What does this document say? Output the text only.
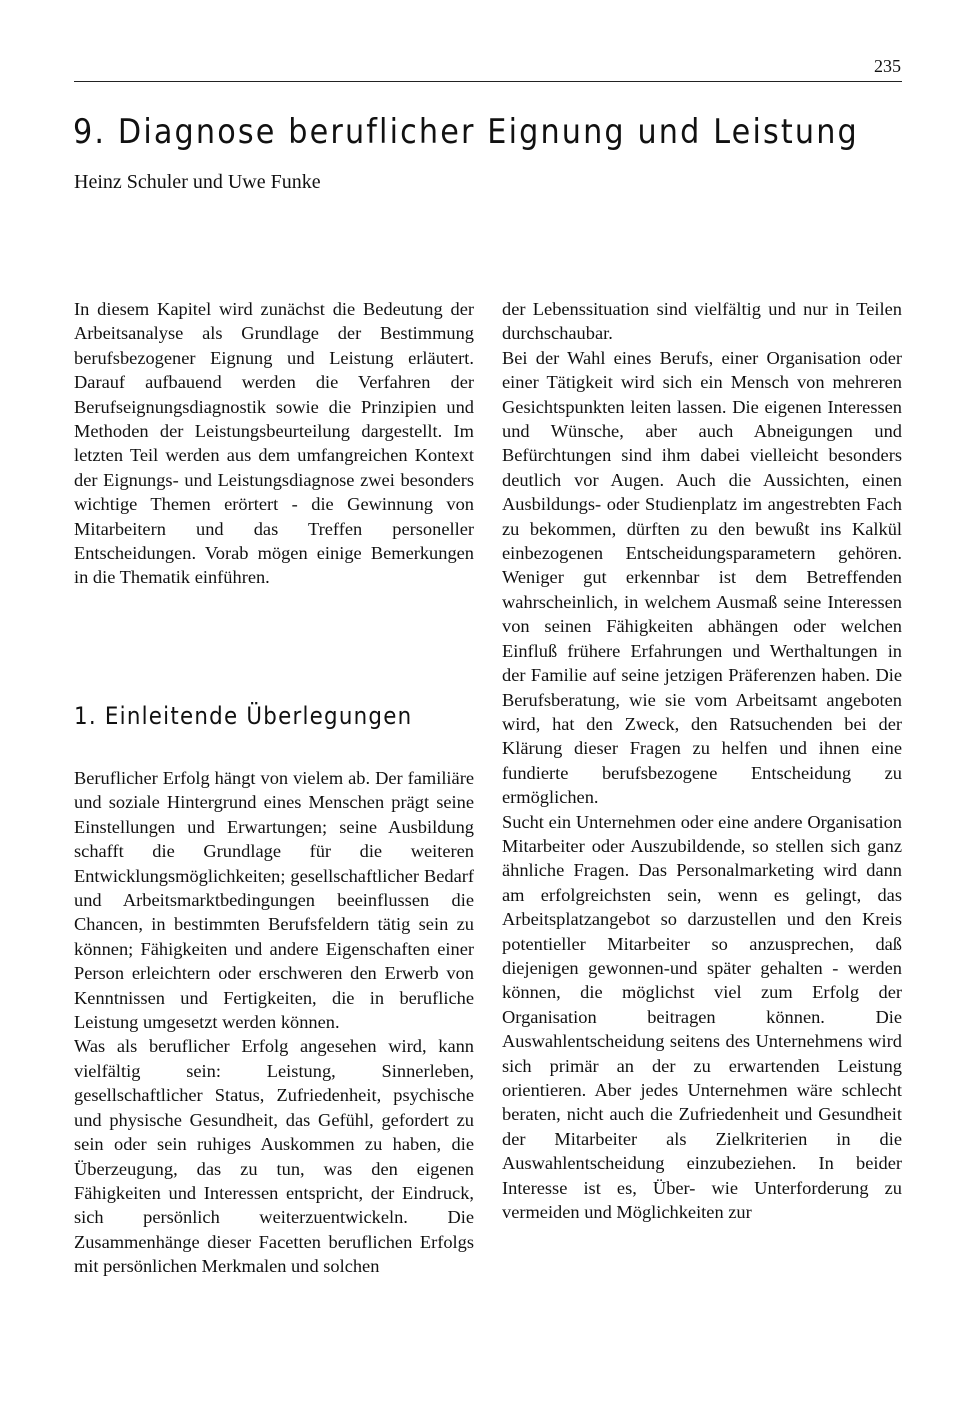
235
9. Diagnose beruflicher Eignung und Leistung
Heinz Schuler und Uwe Funke

In diesem Kapitel wird zunächst die Bedeutung der Arbeitsanalyse als Grundlage der Bestimmung berufsbezogener Eignung und Leistung erläutert. Darauf aufbauend werden die Verfahren der Berufseignungsdiagnostik sowie die Prinzipien und Methoden der Leistungsbeurteilung dargestellt. Im letzten Teil werden aus dem umfangreichen Kontext der Eignungs- und Leistungsdiagnose zwei besonders wichtige Themen erörtert - die Gewinnung von Mitarbeitern und das Treffen personeller Entscheidungen. Vorab mögen einige Bemerkungen in die Thematik einführen.

1. Einleitende Überlegungen

Beruflicher Erfolg hängt von vielem ab. Der familiäre und soziale Hintergrund eines Menschen prägt seine Einstellungen und Erwartungen; seine Ausbildung schafft die Grundlage für die weiteren Entwicklungsmöglichkeiten; gesellschaftlicher Bedarf und Arbeitsmarktbedingungen beeinflussen die Chancen, in bestimmten Berufsfeldern tätig sein zu können; Fähigkeiten und andere Eigenschaften einer Person erleichtern oder erschweren den Erwerb von Kenntnissen und Fertigkeiten, die in berufliche Leistung umgesetzt werden können.

Was als beruflicher Erfolg angesehen wird, kann vielfältig sein: Leistung, Sinnerleben, gesellschaftlicher Status, Zufriedenheit, psychische und physische Gesundheit, das Gefühl, gefordert zu sein oder sein ruhiges Auskommen zu haben, die Überzeugung, das zu tun, was den eigenen Fähigkeiten und Interessen entspricht, der Eindruck, sich persönlich weiterzuentwickeln. Die Zusammenhänge dieser Facetten beruflichen Erfolgs mit persönlichen Merkmalen und solchen

der Lebenssituation sind vielfältig und nur in Teilen durchschaubar.

Bei der Wahl eines Berufs, einer Organisation oder einer Tätigkeit wird sich ein Mensch von mehreren Gesichtspunkten leiten lassen. Die eigenen Interessen und Wünsche, aber auch Abneigungen und Befürchtungen sind ihm dabei vielleicht besonders deutlich vor Augen. Auch die Aussichten, einen Ausbildungs- oder Studienplatz im angestrebten Fach zu bekommen, dürften zu den bewußt ins Kalkül einbezogenen Entscheidungsparametern gehören. Weniger gut erkennbar ist dem Betreffenden wahrscheinlich, in welchem Ausmaß seine Interessen von seinen Fähigkeiten abhängen oder welchen Einfluß frühere Erfahrungen und Werthaltungen in der Familie auf seine jetzigen Präferenzen haben. Die Berufsberatung, wie sie vom Arbeitsamt angeboten wird, hat den Zweck, den Ratsuchenden bei der Klärung dieser Fragen zu helfen und ihnen eine fundierte berufsbezogene Entscheidung zu ermöglichen.

Sucht ein Unternehmen oder eine andere Organisation Mitarbeiter oder Auszubildende, so stellen sich ganz ähnliche Fragen. Das Personalmarketing wird dann am erfolgreichsten sein, wenn es gelingt, das Arbeitsplatzangebot so darzustellen und den Kreis potentieller Mitarbeiter so anzusprechen, daß diejenigen gewonnen-und später gehalten - werden können, die möglichst viel zum Erfolg der Organisation beitragen können. Die Auswahlentscheidung seitens des Unternehmens wird sich primär an der zu erwartenden Leistung orientieren. Aber jedes Unternehmen wäre schlecht beraten, nicht auch die Zufriedenheit und Gesundheit der Mitarbeiter als Zielkriterien in die Auswahlentscheidung einzubeziehen. In beider Interesse ist es, Über- wie Unterforderung zu vermeiden und Möglichkeiten zur
